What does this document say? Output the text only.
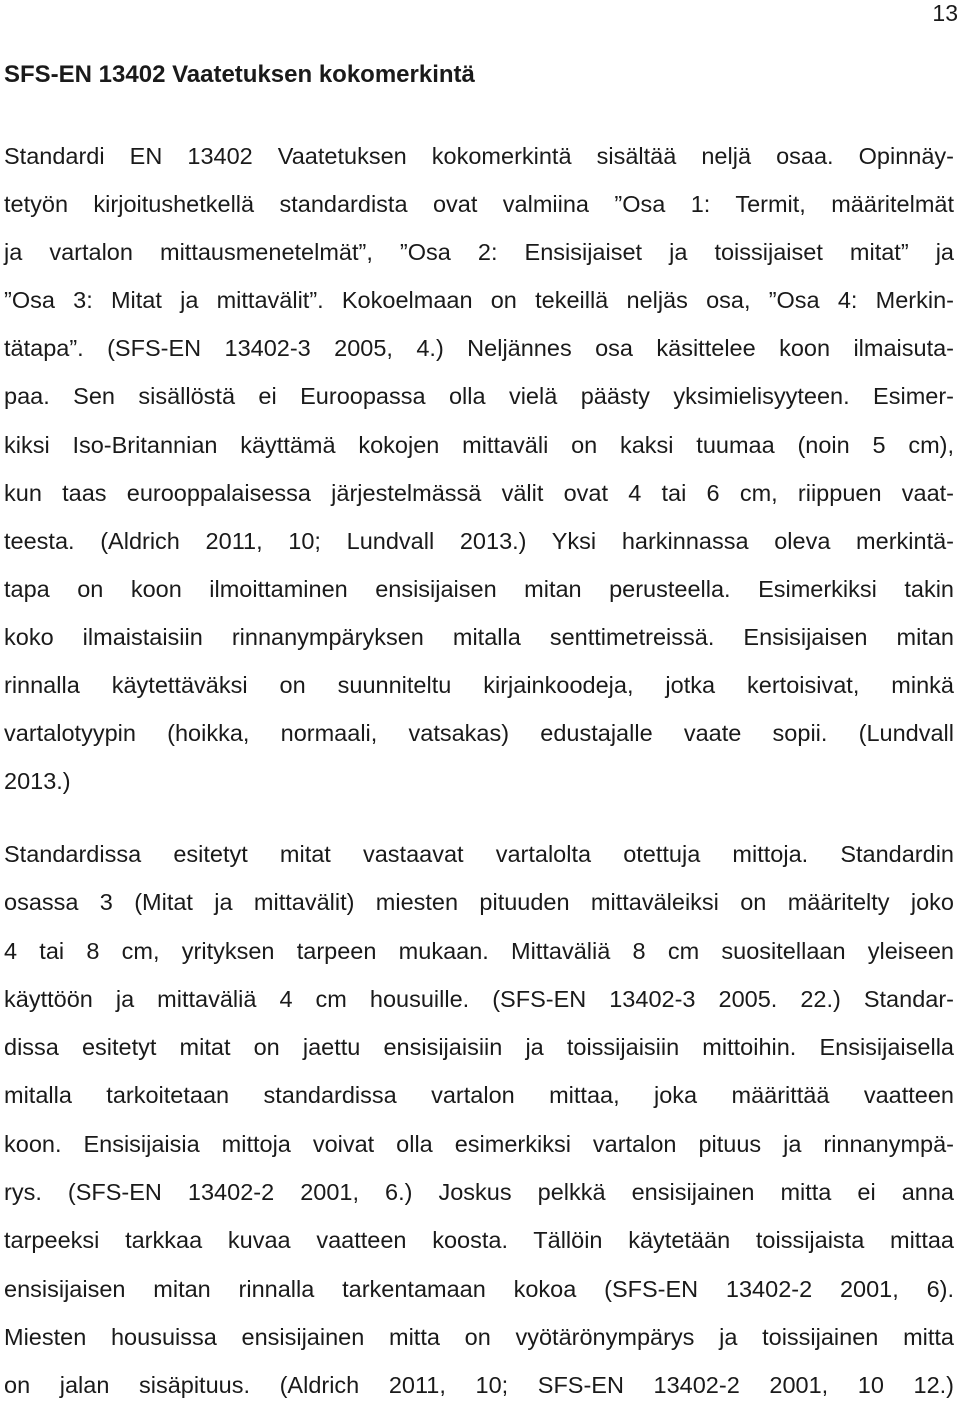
13
SFS-EN 13402 Vaatetuksen kokomerkintä
Standardi EN 13402 Vaatetuksen kokomerkintä sisältää neljä osaa. Opinnäy-
tetyön kirjoitushetkellä standardista ovat valmiina ”Osa 1: Termit, määritelmät
ja vartalon mittausmenetelmät”, ”Osa 2: Ensisijaiset ja toissijaiset mitat” ja
”Osa 3: Mitat ja mittavälit”. Kokoelmaan on tekeillä neljäs osa, ”Osa 4: Merkin-
tätapa”. (SFS-EN 13402-3 2005, 4.) Neljännes osa käsittelee koon ilmaisuta-
paa. Sen sisällöstä ei Euroopassa olla vielä päästy yksimielisyyteen. Esimer-
kiksi Iso-Britannian käyttämä kokojen mittaväli on kaksi tuumaa (noin 5 cm),
kun taas eurooppalaisessa järjestelmässä välit ovat 4 tai 6 cm, riippuen vaat-
teesta. (Aldrich 2011, 10; Lundvall 2013.) Yksi harkinnassa oleva merkintä-
tapa on koon ilmoittaminen ensisijaisen mitan perusteella. Esimerkiksi takin
koko ilmaistaisiin rinnanympäryksen mitalla senttimetreissä. Ensisijaisen mitan
rinnalla käytettäväksi on suunniteltu kirjainkoodeja, jotka kertoisivat, minkä
vartalotyypin (hoikka, normaali, vatsakas) edustajalle vaate sopii. (Lundvall
2013.)
Standardissa esitetyt mitat vastaavat vartalolta otettuja mittoja. Standardin
osassa 3 (Mitat ja mittavälit) miesten pituuden mittaväleiksi on määritelty joko
4 tai 8 cm, yrityksen tarpeen mukaan. Mittaväliä 8 cm suositellaan yleiseen
käyttöön ja mittaväliä 4 cm housuille. (SFS-EN 13402-3 2005. 22.) Standar-
dissa esitetyt mitat on jaettu ensisijaisiin ja toissijaisiin mittoihin. Ensisijaisella
mitalla tarkoitetaan standardissa vartalon mittaa, joka määrittää vaatteen
koon. Ensisijaisia mittoja voivat olla esimerkiksi vartalon pituus ja rinnanympä-
rys. (SFS-EN 13402-2 2001, 6.) Joskus pelkkä ensisijainen mitta ei anna
tarpeeksi tarkkaa kuvaa vaatteen koosta. Tällöin käytetään toissijaista mittaa
ensisijaisen mitan rinnalla tarkentamaan kokoa (SFS-EN 13402-2 2001, 6).
Miesten housuissa ensisijainen mitta on vyötärönympärys ja toissijainen mitta
on jalan sisäpituus. (Aldrich 2011, 10; SFS-EN 13402-2 2001, 10 12.)
